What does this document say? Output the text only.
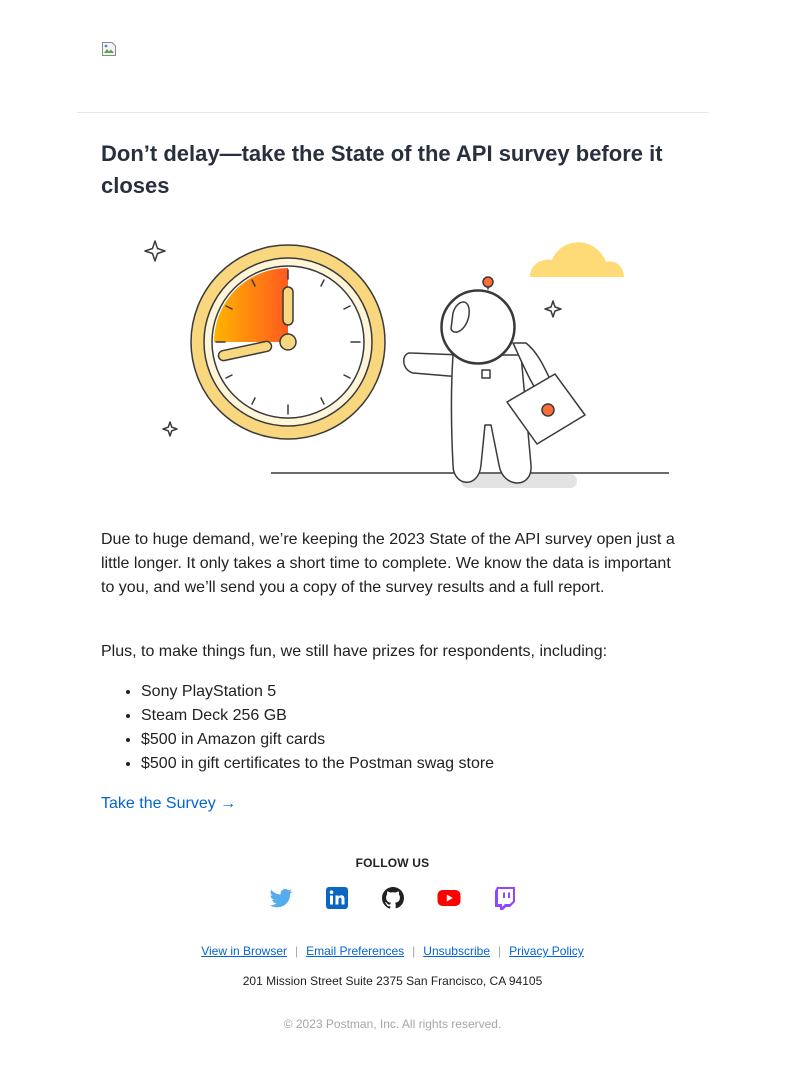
Don’t delay—take the State of the API survey before it closes

Due to huge demand, we’re keeping the 2023 State of the API survey open just a little longer. It only takes a short time to complete. We know the data is important to you, and we’ll send you a copy of the survey results and a full report.

Plus, to make things fun, we still have prizes for respondents, including:

• Sony PlayStation 5
• Steam Deck 256 GB
• $500 in Amazon gift cards
• $500 in gift certificates to the Postman swag store
Take the Survey →
FOLLOW US
View in Browser | Email Preferences | Unsubscribe | Privacy Policy
201 Mission Street Suite 2375 San Francisco, CA 94105
© 2023 Postman, Inc. All rights reserved.
